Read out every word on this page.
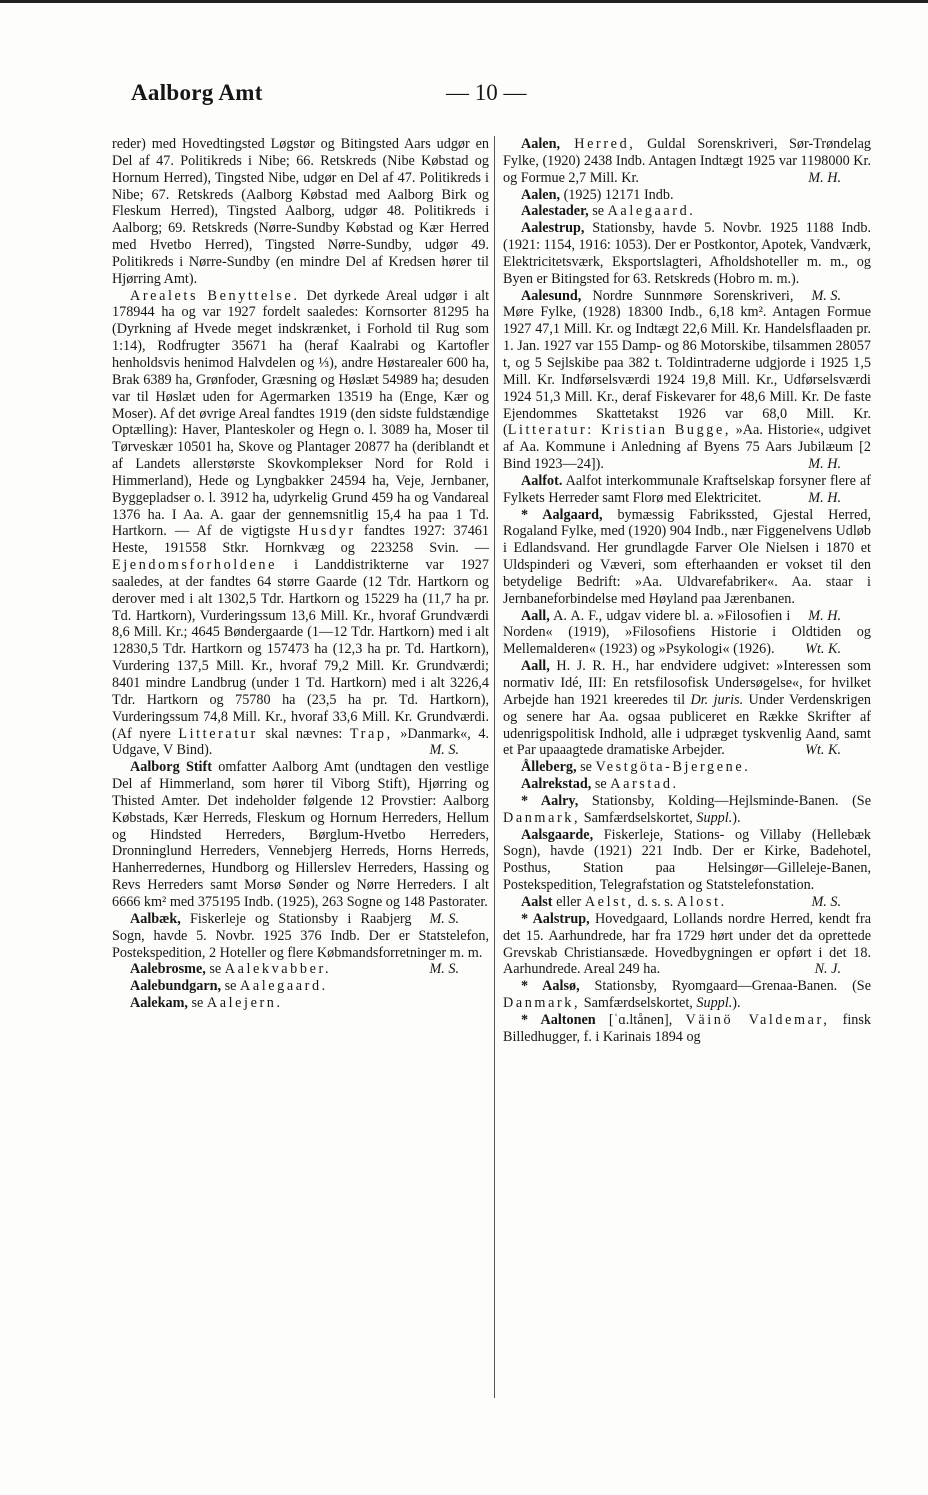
Aalborg Amt	— 10 —

reder) med Hovedtingsted Løgstør og Bitingsted Aars udgør en Del af 47. Politikreds i Nibe; 66. Retskreds (Nibe Købstad og Hornum Herred), Tingsted Nibe, udgør en Del af 47. Politikreds i Nibe; 67. Retskreds (Aalborg Købstad med Aalborg Birk og Fleskum Herred), Tingsted Aalborg, udgør 48. Politikreds i Aalborg; 69. Retskreds (Nørre-Sundby Købstad og Kær Herred med Hvetbo Herred), Tingsted Nørre-Sundby, udgør 49. Politikreds i Nørre-Sundby (en mindre Del af Kredsen hører til Hjørring Amt).

Arealets Benyttelse. Det dyrkede Areal udgør i alt 178944 ha og var 1927 fordelt saaledes: Kornsorter 81295 ha (Dyrkning af Hvede meget indskrænket, i Forhold til Rug som 1:14), Rodfrugter 35671 ha (heraf Kaalrabi og Kartofler henholdsvis henimod Halvdelen og ⅓), andre Høstarealer 600 ha, Brak 6389 ha, Grønfoder, Græsning og Høslæt 54989 ha; desuden var til Høslæt uden for Agermarken 13519 ha (Enge, Kær og Moser). Af det øvrige Areal fandtes 1919 (den sidste fuldstændige Optælling): Haver, Planteskoler og Hegn o. l. 3089 ha, Moser til Tørveskær 10501 ha, Skove og Plantager 20877 ha (deriblandt et af Landets allerstørste Skovkomplekser Nord for Rold i Himmerland), Hede og Lyngbakker 24594 ha, Veje, Jernbaner, Byggepladser o. l. 3912 ha, udyrkelig Grund 459 ha og Vandareal 1376 ha. I Aa. A. gaar der gennemsnitlig 15,4 ha paa 1 Td. Hartkorn. — Af de vigtigste Husdyr fandtes 1927: 37461 Heste, 191558 Stkr. Hornkvæg og 223258 Svin. — Ejendomsforholdene i Landdistrikterne var 1927 saaledes, at der fandtes 64 større Gaarde (12 Tdr. Hartkorn og derover med i alt 1302,5 Tdr. Hartkorn og 15229 ha (11,7 ha pr. Td. Hartkorn), Vurderingssum 13,6 Mill. Kr., hvoraf Grundværdi 8,6 Mill. Kr.; 4645 Bøndergaarde (1—12 Tdr. Hartkorn) med i alt 12830,5 Tdr. Hartkorn og 157473 ha (12,3 ha pr. Td. Hartkorn), Vurdering 137,5 Mill. Kr., hvoraf 79,2 Mill. Kr. Grundværdi; 8401 mindre Landbrug (under 1 Td. Hartkorn) med i alt 3226,4 Tdr. Hartkorn og 75780 ha (23,5 ha pr. Td. Hartkorn), Vurderingssum 74,8 Mill. Kr., hvoraf 33,6 Mill. Kr. Grundværdi. (Af nyere Litteratur skal nævnes: Trap, »Danmark«, 4. Udgave, V Bind).	M. S.

Aalborg Stift omfatter Aalborg Amt (undtagen den vestlige Del af Himmerland, som hører til Viborg Stift), Hjørring og Thisted Amter. Det indeholder følgende 12 Provstier: Aalborg Købstads, Kær Herreds, Fleskum og Hornum Herreders, Hellum og Hindsted Herreders, Børglum-Hvetbo Herreders, Dronninglund Herreders, Vennebjerg Herreds, Horns Herreds, Hanherredernes, Hundborg og Hillerslev Herreders, Hassing og Revs Herreders samt Morsø Sønder og Nørre Herreders. I alt 6666 km² med 375195 Indb. (1925), 263 Sogne og 148 Pastorater.
M. S.

Aalbæk, Fiskerleje og Stationsby i Raabjerg Sogn, havde 5. Novbr. 1925 376 Indb. Der er Statstelefon, Postekspedition, 2 Hoteller og flere Købmandsforretninger m. m.
M. S.

Aalebrosme, se Aalekvabber.

Aalebundgarn, se Aalegaard.

Aalekam, se Aalejern.

Aalen, Herred, Guldal Sorenskriveri, Sør-Trøndelag Fylke, (1920) 2438 Indb. Antagen Indtægt 1925 var 1198000 Kr. og Formue 2,7 Mill. Kr.	M. H.

Aalen, (1925) 12171 Indb.

Aalestader, se Aalegaard.

Aalestrup, Stationsby, havde 5. Novbr. 1925 1188 Indb. (1921: 1154, 1916: 1053). Der er Postkontor, Apotek, Vandværk, Elektricitetsværk, Eksportslagteri, Afholdshoteller m. m., og Byen er Bitingsted for 63. Retskreds (Hobro m. m.).
M. S.

Aalesund, Nordre Sunnmøre Sorenskriveri, Møre Fylke, (1928) 18300 Indb., 6,18 km². Antagen Formue 1927 47,1 Mill. Kr. og Indtægt 22,6 Mill. Kr. Handelsflaaden pr. 1. Jan. 1927 var 155 Damp- og 86 Motorskibe, tilsammen 28057 t, og 5 Sejlskibe paa 382 t. Toldintraderne udgjorde i 1925 1,5 Mill. Kr. Indførselsværdi 1924 19,8 Mill. Kr., Udførselsværdi 1924 51,3 Mill. Kr., deraf Fiskevarer for 48,6 Mill. Kr. De faste Ejendommes Skattetakst 1926 var 68,0 Mill. Kr. (Litteratur: Kristian Bugge, »Aa. Historie«, udgivet af Aa. Kommune i Anledning af Byens 75 Aars Jubilæum [2 Bind 1923—24]).	M. H.

Aalfot. Aalfot interkommunale Kraftselskap forsyner flere af Fylkets Herreder samt Florø med Elektricitet.	M. H.

* Aalgaard, bymæssig Fabrikssted, Gjestal Herred, Rogaland Fylke, med (1920) 904 Indb., nær Figgenelvens Udløb i Edlandsvand. Her grundlagde Farver Ole Nielsen i 1870 et Uldspinderi og Væveri, som efterhaanden er vokset til den betydelige Bedrift: »Aa. Uldvarefabriker«. Aa. staar i Jernbaneforbindelse med Høyland paa Jærenbanen.
M. H.

Aall, A. A. F., udgav videre bl. a. »Filosofien i Norden« (1919), »Filosofiens Historie i Oldtiden og Mellemalderen« (1923) og »Psykologi« (1926).	Wt. K.

Aall, H. J. R. H., har endvidere udgivet: »Interessen som normativ Idé, III: En retsfilosofisk Undersøgelse«, for hvilket Arbejde han 1921 kreeredes til Dr. juris. Under Verdenskrigen og senere har Aa. ogsaa publiceret en Række Skrifter af udenrigspolitisk Indhold, alle i udpræget tyskvenlig Aand, samt et Par upaaagtede dramatiske Arbejder.	Wt. K.

Ålleberg, se Vestgöta-Bjergene.

Aalrekstad, se Aarstad.

* Aalry, Stationsby, Kolding—Hejlsminde-Banen. (Se Danmark, Samfærdselskortet, Suppl.).

Aalsgaarde, Fiskerleje, Stations- og Villaby (Hellebæk Sogn), havde (1921) 221 Indb. Der er Kirke, Badehotel, Posthus, Station paa Helsingør—Gilleleje-Banen, Postekspedition, Telegrafstation og Statstelefonstation.
M. S.

Aalst eller Aelst, d. s. s. Alost.

* Aalstrup, Hovedgaard, Lollands nordre Herred, kendt fra det 15. Aarhundrede, har fra 1729 hørt under det da oprettede Grevskab Christiansæde. Hovedbygningen er opført i det 18. Aarhundrede. Areal 249 ha.	N. J.

* Aalsø, Stationsby, Ryomgaard—Grenaa-Banen. (Se Danmark, Samfærdselskortet, Suppl.).

* Aaltonen [ˈɑ.ltånen], Väinö Valdemar, finsk Billedhugger, f. i Karinais 1894 og
